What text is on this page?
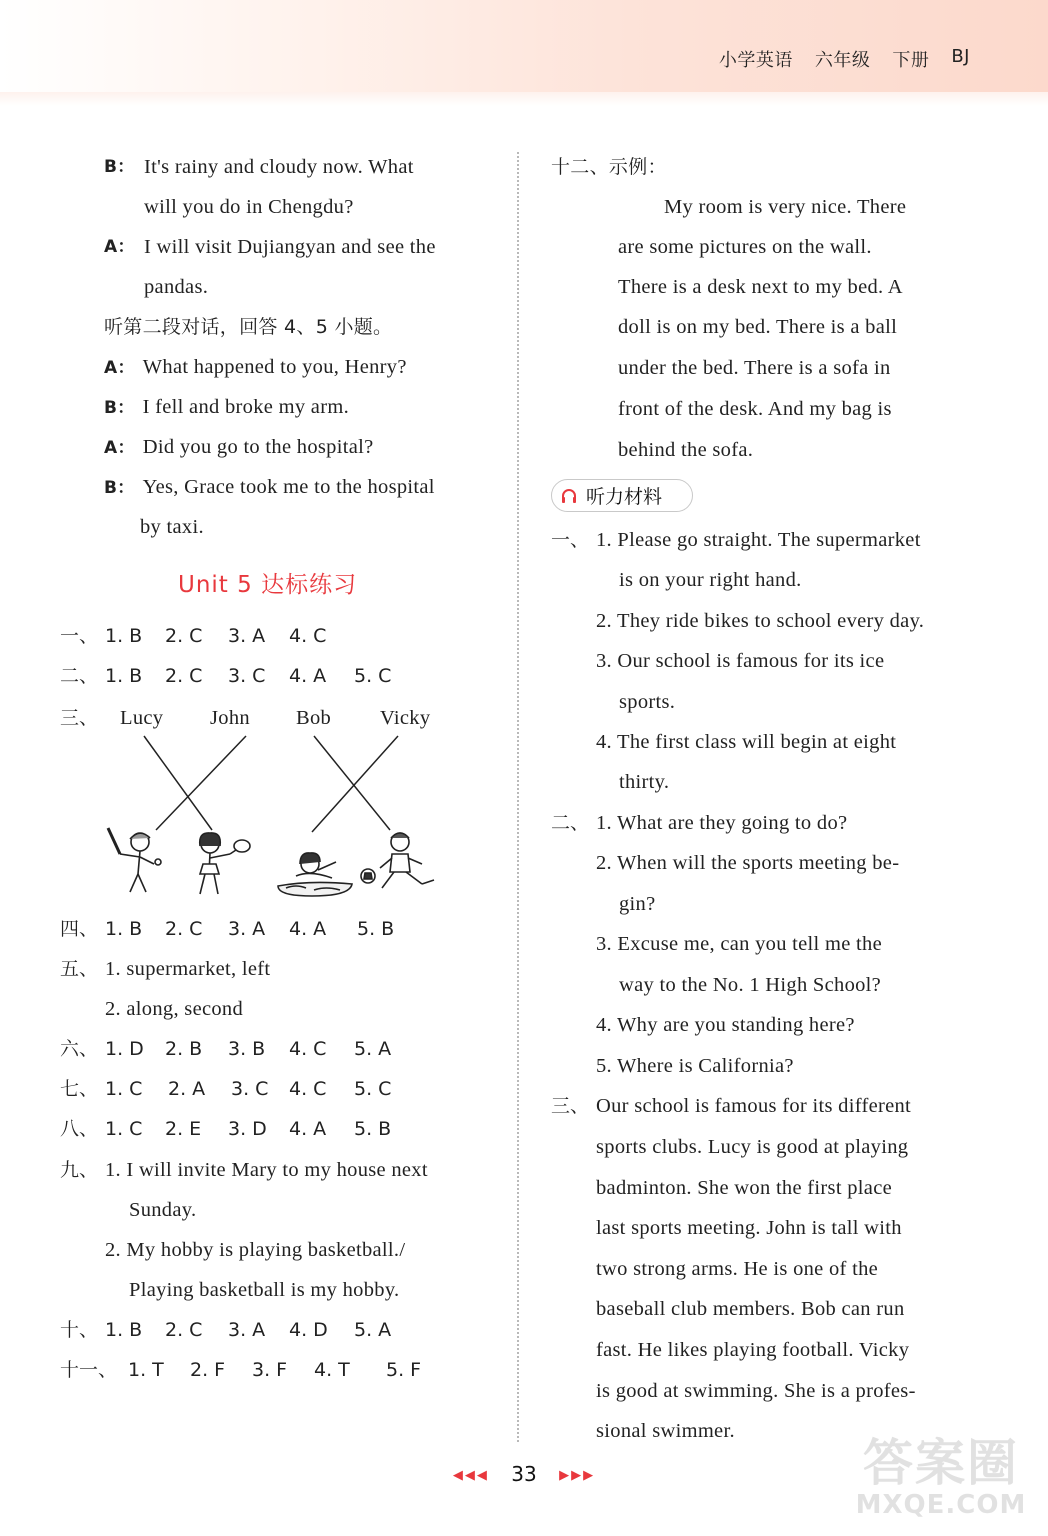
小学英语 六年级 下册 BJ
B： It's rainy and cloudy now. What
will you do in Chengdu?
A： I will visit Dujiangyan and see the
pandas.
听第二段对话，回答 4、5 小题。
A： What happened to you, Henry?
B： I fell and broke my arm.
A： Did you go to the hospital?
B： Yes, Grace took me to the hospital
by taxi.
Unit 5 达标练习
一、 1. B 2. C 3. A 4. C
二、 1. B 2. C 3. C 4. A 5. C
三、 Lucy John Bob Vicky
四、 1. B 2. C 3. A 4. A 5. B
五、 1. supermarket, left
2. along, second
六、 1. D 2. B 3. B 4. C 5. A
七、 1. C 2. A 3. C 4. C 5. C
八、 1. C 2. E 3. D 4. A 5. B
九、 1. I will invite Mary to my house next
Sunday.
2. My hobby is playing basketball./
Playing basketball is my hobby.
十、 1. B 2. C 3. A 4. D 5. A
十一、 1. T 2. F 3. F 4. T 5. F
十二、示例：
My room is very nice. There
are some pictures on the wall.
There is a desk next to my bed. A
doll is on my bed. There is a ball
under the bed. There is a sofa in
front of the desk. And my bag is
behind the sofa.
听力材料
一、 1. Please go straight. The supermarket
is on your right hand.
2. They ride bikes to school every day.
3. Our school is famous for its ice
sports.
4. The first class will begin at eight
thirty.
二、 1. What are they going to do?
2. When will the sports meeting be-
gin?
3. Excuse me, can you tell me the
way to the No. 1 High School?
4. Why are you standing here?
5. Where is California?
三、 Our school is famous for its different
sports clubs. Lucy is good at playing
badminton. She won the first place
last sports meeting. John is tall with
two strong arms. He is one of the
baseball club members. Bob can run
fast. He likes playing football. Vicky
is good at swimming. She is a profes-
sional swimmer.
◀◀◀ 33 ▶▶▶	答案圈
MXQE.COM
